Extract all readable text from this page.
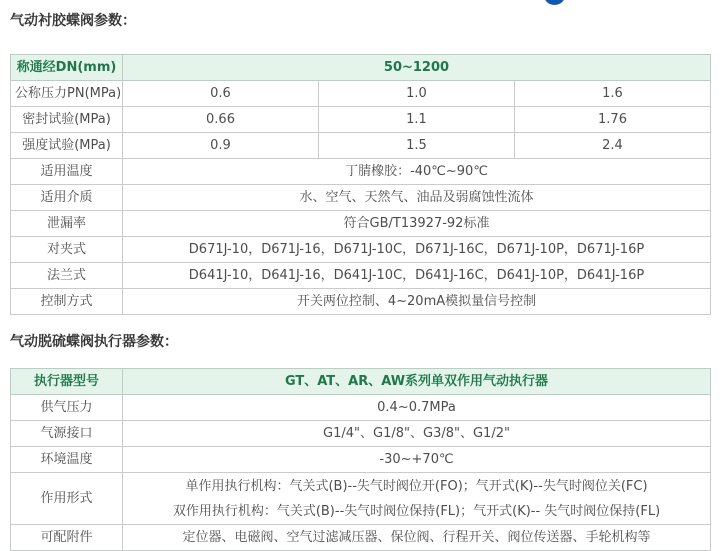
气动衬胶蝶阀参数：
称通经DN(mm)	50~1200		
公称压力PN(MPa)	0.6	1.0	1.6
密封试验(MPa)	0.66	1.1	1.76
强度试验(MPa)	0.9	1.5	2.4
适用温度	丁腈橡胶：-40℃~90℃		
适用介质	水、空气、天然气、油品及弱腐蚀性流体		
泄漏率	符合GB/T13927-92标准		
对夹式	D671J-10，D671J-16，D671J-10C，D671J-16C，D671J-10P，D671J-16P		
法兰式	D641J-10，D641J-16，D641J-10C，D641J-16C，D641J-10P，D641J-16P		
控制方式	开关两位控制、4~20mA模拟量信号控制		
气动脱硫蝶阀执行器参数：
执行器型号	GT、AT、AR、AW系列单双作用气动执行器
供气压力	0.4~0.7MPa
气源接口	G1/4"、G1/8"、G3/8"、G1/2"
环境温度	-30~+70℃
作用形式	单作用执行机构：气关式(B)--失气时阀位开(FO)；气开式(K)--失气时阀位关(FC)
双作用执行机构：气关式(B)--失气时阀位保持(FL)；气开式(K)-- 失气时阀位保持(FL)

可配附件	定位器、电磁阀、空气过滤减压器、保位阀、行程开关、阀位传送器、手轮机构等
